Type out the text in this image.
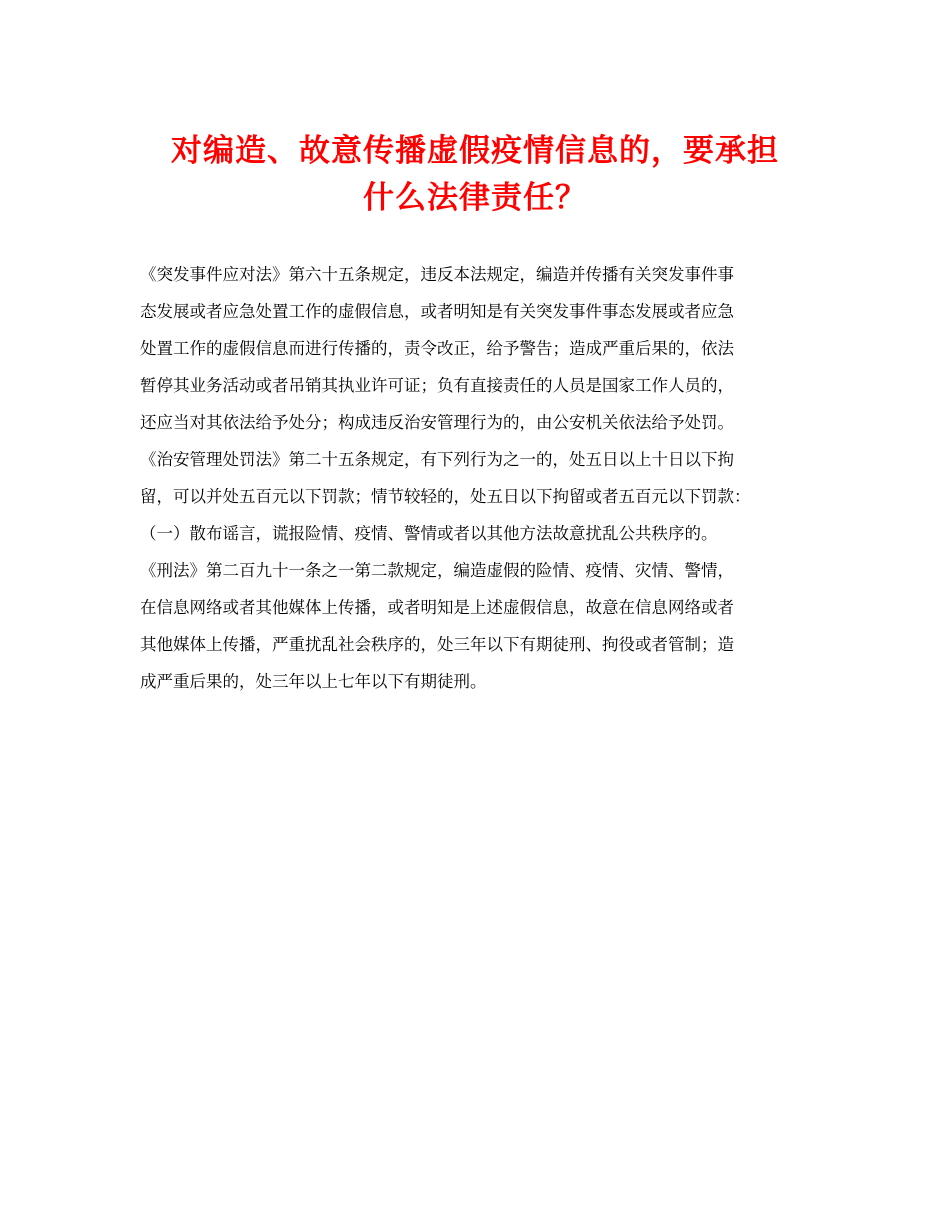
对编造、故意传播虚假疫情信息的，要承担
什么法律责任？
《突发事件应对法》第六十五条规定，违反本法规定，编造并传播有关突发事件事
态发展或者应急处置工作的虚假信息，或者明知是有关突发事件事态发展或者应急
处置工作的虚假信息而进行传播的，责令改正，给予警告；造成严重后果的，依法
暂停其业务活动或者吊销其执业许可证；负有直接责任的人员是国家工作人员的，
还应当对其依法给予处分；构成违反治安管理行为的，由公安机关依法给予处罚。
《治安管理处罚法》第二十五条规定，有下列行为之一的，处五日以上十日以下拘
留，可以并处五百元以下罚款；情节较轻的，处五日以下拘留或者五百元以下罚款：
（一）散布谣言，谎报险情、疫情、警情或者以其他方法故意扰乱公共秩序的。
《刑法》第二百九十一条之一第二款规定，编造虚假的险情、疫情、灾情、警情，
在信息网络或者其他媒体上传播，或者明知是上述虚假信息，故意在信息网络或者
其他媒体上传播，严重扰乱社会秩序的，处三年以下有期徒刑、拘役或者管制；造
成严重后果的，处三年以上七年以下有期徒刑。
